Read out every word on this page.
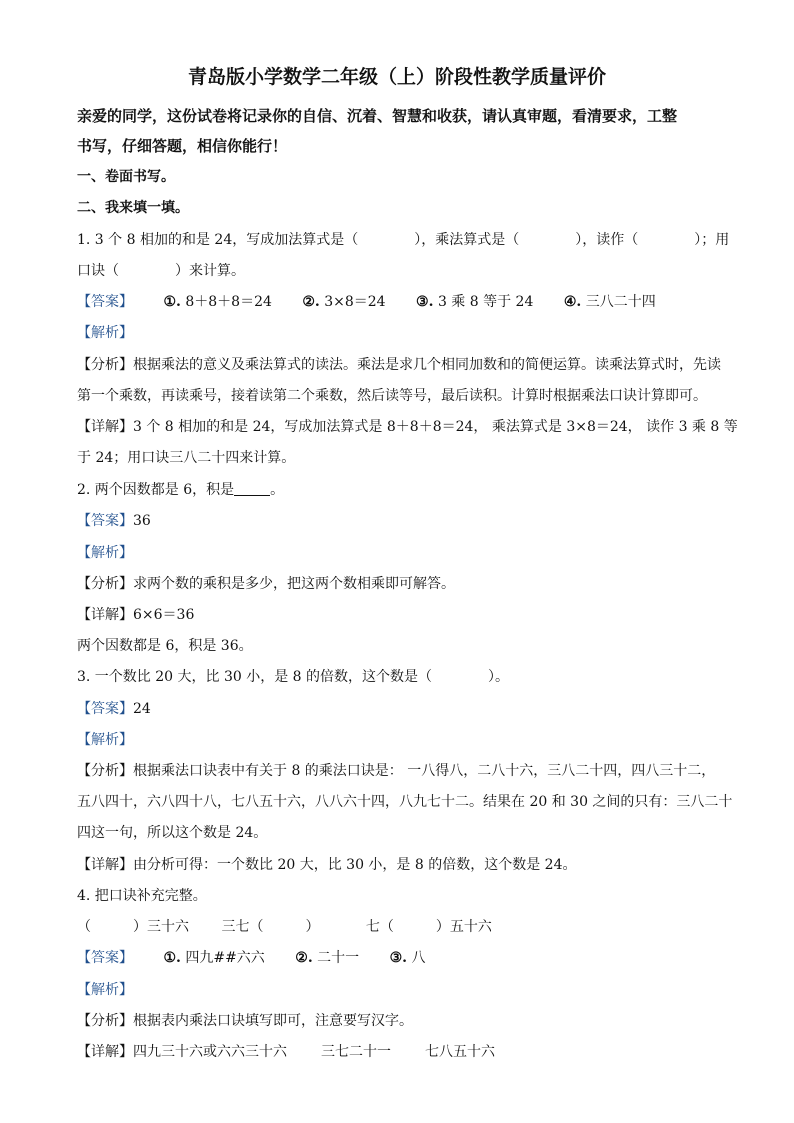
青岛版小学数学二年级（上）阶段性教学质量评价
亲爱的同学，这份试卷将记录你的自信、沉着、智慧和收获，请认真审题，看清要求，工整
书写，仔细答题，相信你能行！
一、卷面书写。
二、我来填一填。
1. 3 个 8 相加的和是 24，写成加法算式是（	），乘法算式是（	），读作（	）；用
口诀（	）来计算。
【答案】 ①. 8＋8＋8＝24 ②. 3×8＝24 ③. 3 乘 8 等于 24 ④. 三八二十四
【解析】
【分析】根据乘法的意义及乘法算式的读法。乘法是求几个相同加数和的简便运算。读乘法算式时，先读
第一个乘数，再读乘号，接着读第二个乘数，然后读等号，最后读积。计算时根据乘法口诀计算即可。
【详解】3 个 8 相加的和是 24，写成加法算式是 8＋8＋8＝24， 乘法算式是 3×8＝24， 读作 3 乘 8 等
于 24；用口诀三八二十四来计算。
2. 两个因数都是 6，积是	。
【答案】36
【解析】
【分析】求两个数的乘积是多少，把这两个数相乘即可解答。
【详解】6×6＝36
两个因数都是 6，积是 36。
3. 一个数比 20 大，比 30 小，是 8 的倍数，这个数是（	）。
【答案】24
【解析】
【分析】根据乘法口诀表中有关于 8 的乘法口诀是： 一八得八，二八十六，三八二十四，四八三十二，
五八四十，六八四十八，七八五十六，八八六十四，八九七十二。结果在 20 和 30 之间的只有：三八二十
四这一句，所以这个数是 24。
【详解】由分析可得：一个数比 20 大，比 30 小，是 8 的倍数，这个数是 24。
4. 把口诀补充完整。
（	）三十六 三七（	）	七（	）五十六
【答案】 ①. 四九##六六 ②. 二十一 ③. 八
【解析】
【分析】根据表内乘法口诀填写即可，注意要写汉字。
【详解】四九三十六或六六三十六 三七二十一 七八五十六
